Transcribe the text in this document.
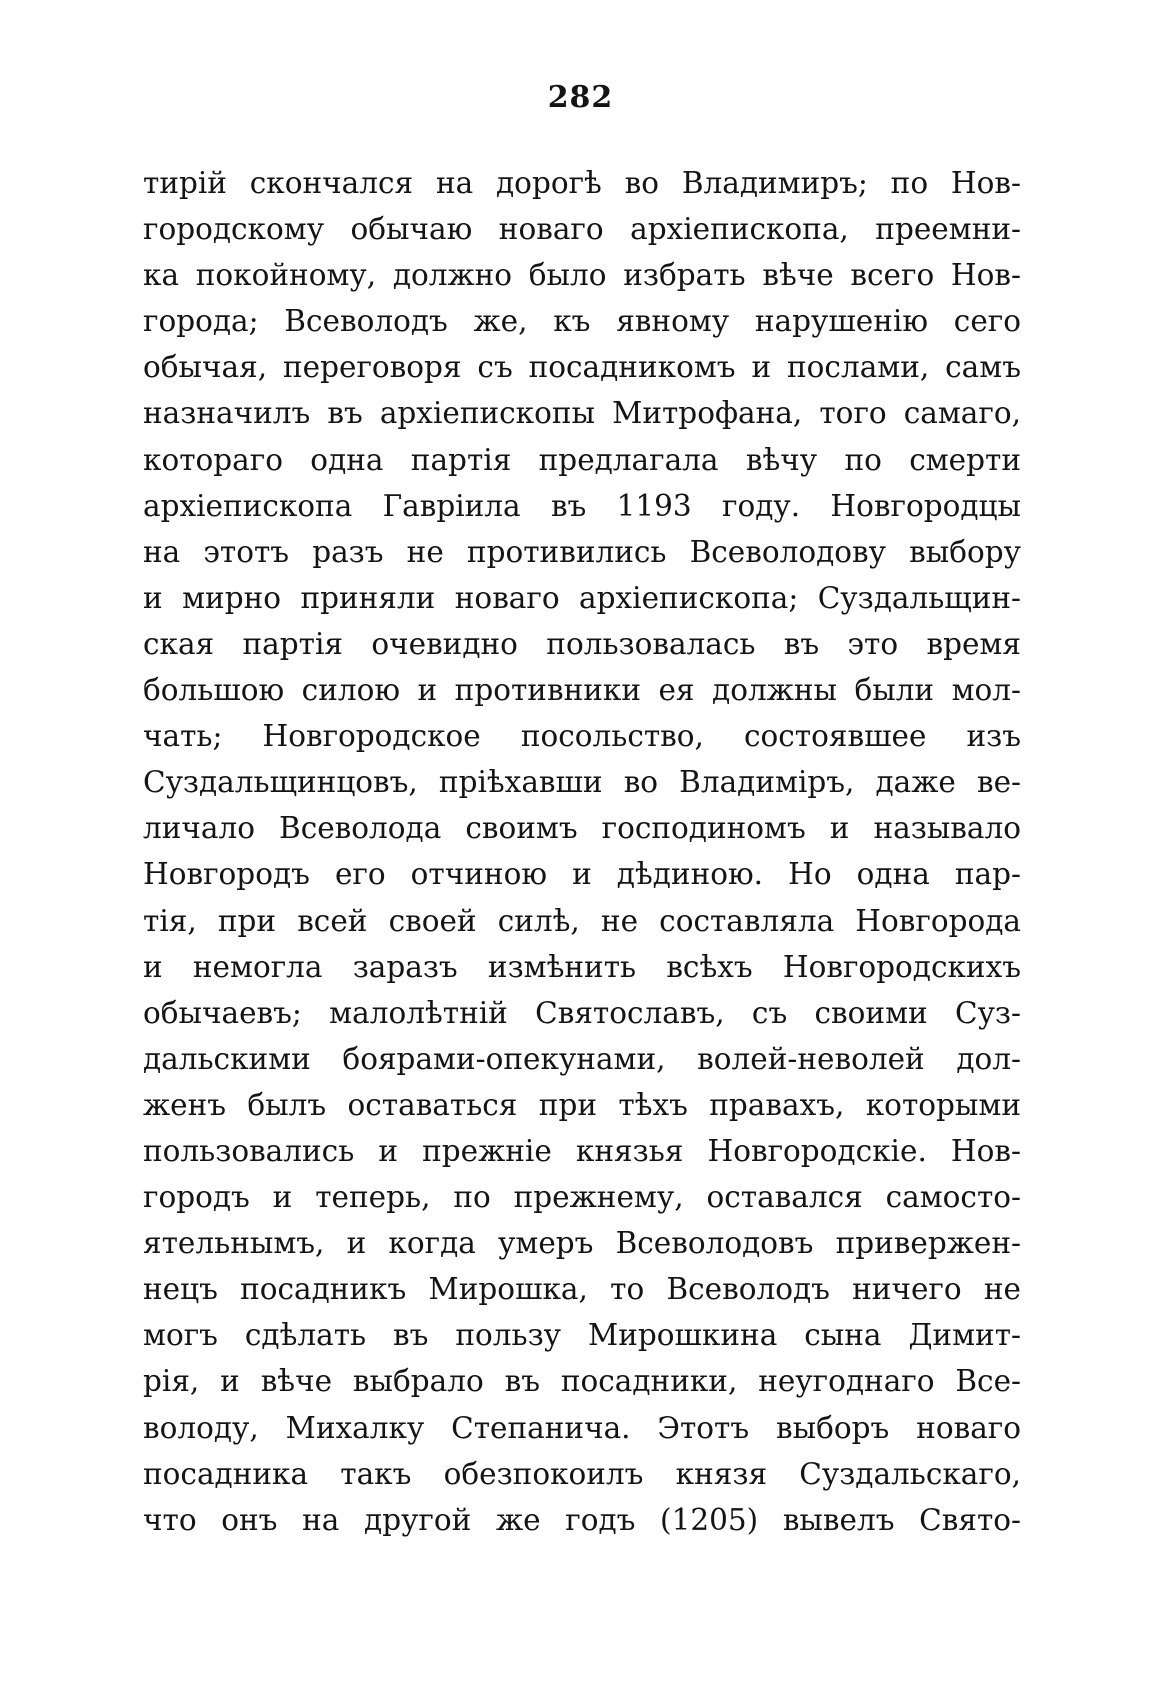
282
тирій скончался на дорогѣ во Владимиръ; по Нов-
городскому обычаю новаго архіепископа, преемни-
ка покойному, должно было избрать вѣче всего Нов-
города; Всеволодъ же, къ явному нарушенію сего
обычая, переговоря съ посадникомъ и послами, самъ
назначилъ въ архіепископы Митрофана, того самаго,
котораго одна партія предлагала вѣчу по смерти
архіепископа Гавріила въ 1193 году. Новгородцы
на этотъ разъ не противились Всеволодову выбору
и мирно приняли новаго архіепископа; Суздальщин-
ская партія очевидно пользовалась въ это время
большою силою и противники ея должны были мол-
чать; Новгородское посольство, состоявшее изъ
Суздальщинцовъ, пріѣхавши во Владиміръ, даже ве-
личало Всеволода своимъ господиномъ и называло
Новгородъ его отчиною и дѣдиною. Но одна пар-
тія, при всей своей силѣ, не составляла Новгорода
и немогла заразъ измѣнить всѣхъ Новгородскихъ
обычаевъ; малолѣтній Святославъ, съ своими Суз-
дальскими боярами-опекунами, волей-неволей дол-
женъ былъ оставаться при тѣхъ правахъ, которыми
пользовались и прежніе князья Новгородскіе. Нов-
городъ и теперь, по прежнему, оставался самосто-
ятельнымъ, и когда умеръ Всеволодовъ привержен-
нецъ посадникъ Мирошка, то Всеволодъ ничего не
могъ сдѣлать въ пользу Мирошкина сына Димит-
рія, и вѣче выбрало въ посадники, неугоднаго Все-
володу, Михалку Степанича. Этотъ выборъ новаго
посадника такъ обезпокоилъ князя Суздальскаго,
что онъ на другой же годъ (1205) вывелъ Свято-
